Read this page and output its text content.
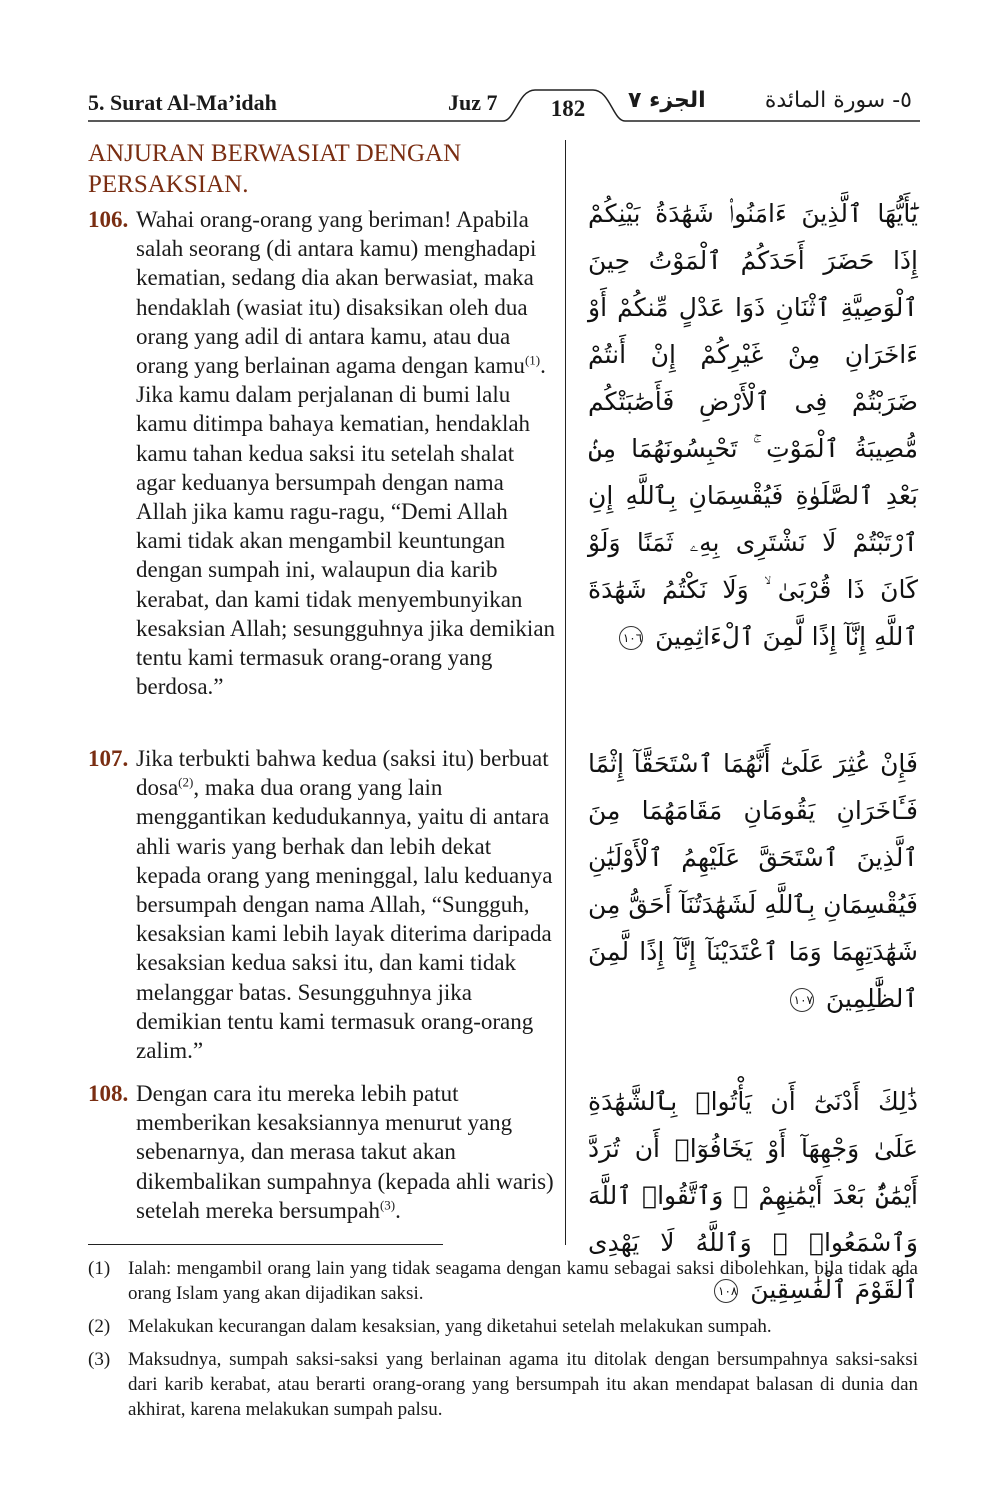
5. Surat Al-Ma’idah	Juz 7 182 الجزء ٧	٥- سورة المائدة
ANJURAN BERWASIAT DENGAN PERSAKSIAN.
106. Wahai orang-orang yang beriman! Apabila salah seorang (di antara kamu) menghadapi kematian, sedang dia akan berwasiat, maka hendaklah (wasiat itu) disaksikan oleh dua orang yang adil di antara kamu, atau dua orang yang berlainan agama dengan kamu$^{(1)}$. Jika kamu dalam perjalanan di bumi lalu kamu ditimpa bahaya kematian, hendaklah kamu tahan kedua saksi itu setelah shalat agar keduanya bersumpah dengan nama Allah jika kamu ragu-ragu, “Demi Allah kami tidak akan mengambil keuntungan dengan sumpah ini, walaupun dia karib kerabat, dan kami tidak menyembunyikan kesaksian Allah; sesungguhnya jika demikian tentu kami termasuk orang-orang yang berdosa.”
107. Jika terbukti bahwa kedua (saksi itu) berbuat dosa$^{(2)}$, maka dua orang yang lain menggantikan kedudukannya, yaitu di antara ahli waris yang berhak dan lebih dekat kepada orang yang meninggal, lalu keduanya bersumpah dengan nama Allah, “Sungguh, kesaksian kami lebih layak diterima daripada kesaksian kedua saksi itu, dan kami tidak melanggar batas. Sesungguhnya jika demikian tentu kami termasuk orang-orang zalim.”
108. Dengan cara itu mereka lebih patut memberikan kesaksiannya menurut yang sebenarnya, dan merasa takut akan dikembalikan sumpahnya (kepada ahli waris) setelah mereka bersumpah$^{(3)}$.
يَٰٓأَيُّهَا ٱلَّذِينَ ءَامَنُوا۟ شَهَٰدَةُ بَيْنِكُمْ إِذَا حَضَرَ أَحَدَكُمُ ٱلْمَوْتُ حِينَ ٱلْوَصِيَّةِ ٱثْنَانِ ذَوَا عَدْلٍ مِّنكُمْ أَوْ ءَاخَرَانِ مِنْ غَيْرِكُمْ إِنْ أَنتُمْ ضَرَبْتُمْ فِى ٱلْأَرْضِ فَأَصَٰبَتْكُم مُّصِيبَةُ ٱلْمَوْتِ ۚ تَحْبِسُونَهُمَا مِنۢ بَعْدِ ٱلصَّلَوٰةِ فَيُقْسِمَانِ بِٱللَّهِ إِنِ ٱرْتَبْتُمْ لَا نَشْتَرِى بِهِۦ ثَمَنًا وَلَوْ كَانَ ذَا قُرْبَىٰ ۙ وَلَا نَكْتُمُ شَهَٰدَةَ ٱللَّهِ إِنَّآ إِذًا لَّمِنَ ٱلْءَاثِمِينَ ١٠٦
فَإِنْ عُثِرَ عَلَىٰٓ أَنَّهُمَا ٱسْتَحَقَّآ إِثْمًا فَـَٔاخَرَانِ يَقُومَانِ مَقَامَهُمَا مِنَ ٱلَّذِينَ ٱسْتَحَقَّ عَلَيْهِمُ ٱلْأَوْلَيَٰنِ فَيُقْسِمَانِ بِٱللَّهِ لَشَهَٰدَتُنَآ أَحَقُّ مِن شَهَٰدَتِهِمَا وَمَا ٱعْتَدَيْنَآ إِنَّآ إِذًا لَّمِنَ ٱلظَّٰلِمِينَ ١٠٧
ذَٰلِكَ أَدْنَىٰٓ أَن يَأْتُوا۟ بِٱلشَّهَٰدَةِ عَلَىٰ وَجْهِهَآ أَوْ يَخَافُوٓا۟ أَن تُرَدَّ أَيْمَٰنٌۢ بَعْدَ أَيْمَٰنِهِمْ ۗ وَٱتَّقُوا۟ ٱللَّهَ وَٱسْمَعُوا۟ ۗ وَٱللَّهُ لَا يَهْدِى ٱلْقَوْمَ ٱلْفَٰسِقِينَ ١٠٨
(1) Ialah: mengambil orang lain yang tidak seagama dengan kamu sebagai saksi dibolehkan, bila tidak ada orang Islam yang akan dijadikan saksi.
(2) Melakukan kecurangan dalam kesaksian, yang diketahui setelah melakukan sumpah.
(3) Maksudnya, sumpah saksi-saksi yang berlainan agama itu ditolak dengan bersumpahnya saksi-saksi dari karib kerabat, atau berarti orang-orang yang bersumpah itu akan mendapat balasan di dunia dan akhirat, karena melakukan sumpah palsu.
